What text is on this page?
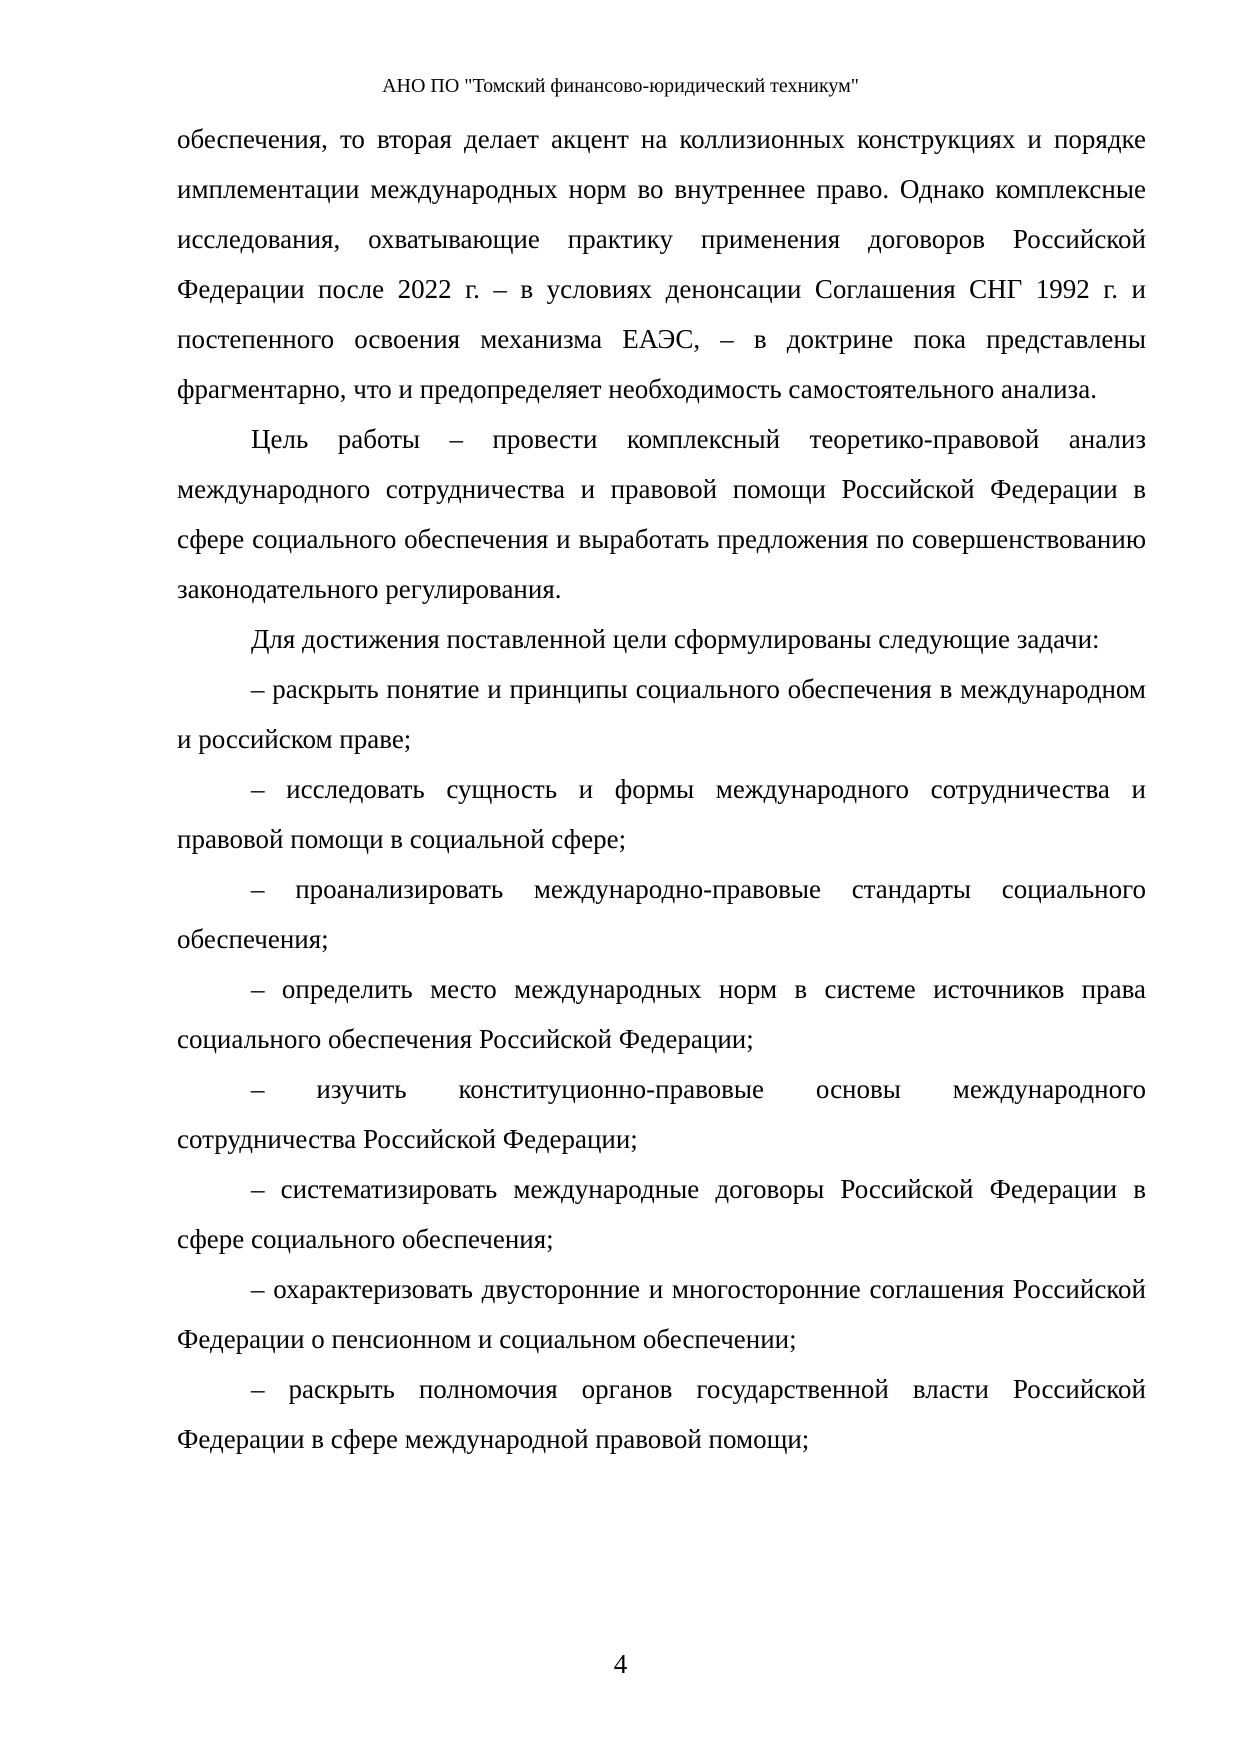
АНО ПО "Томский финансово-юридический техникум"

обеспечения, то вторая делает акцент на коллизионных конструкциях и порядке имплементации международных норм во внутреннее право. Однако комплексные исследования, охватывающие практику применения договоров Российской Федерации после 2022 г. – в условиях денонсации Соглашения СНГ 1992 г. и постепенного освоения механизма ЕАЭС, – в доктрине пока представлены фрагментарно, что и предопределяет необходимость самостоятельного анализа.

Цель работы – провести комплексный теоретико-правовой анализ международного сотрудничества и правовой помощи Российской Федерации в сфере социального обеспечения и выработать предложения по совершенствованию законодательного регулирования.

Для достижения поставленной цели сформулированы следующие задачи:

– раскрыть понятие и принципы социального обеспечения в международном и российском праве;

– исследовать сущность и формы международного сотрудничества и правовой помощи в социальной сфере;

– проанализировать международно-правовые стандарты социального обеспечения;

– определить место международных норм в системе источников права социального обеспечения Российской Федерации;

– изучить конституционно-правовые основы международного сотрудничества Российской Федерации;

– систематизировать международные договоры Российской Федерации в сфере социального обеспечения;

– охарактеризовать двусторонние и многосторонние соглашения Российской Федерации о пенсионном и социальном обеспечении;

– раскрыть полномочия органов государственной власти Российской Федерации в сфере международной правовой помощи;

4
